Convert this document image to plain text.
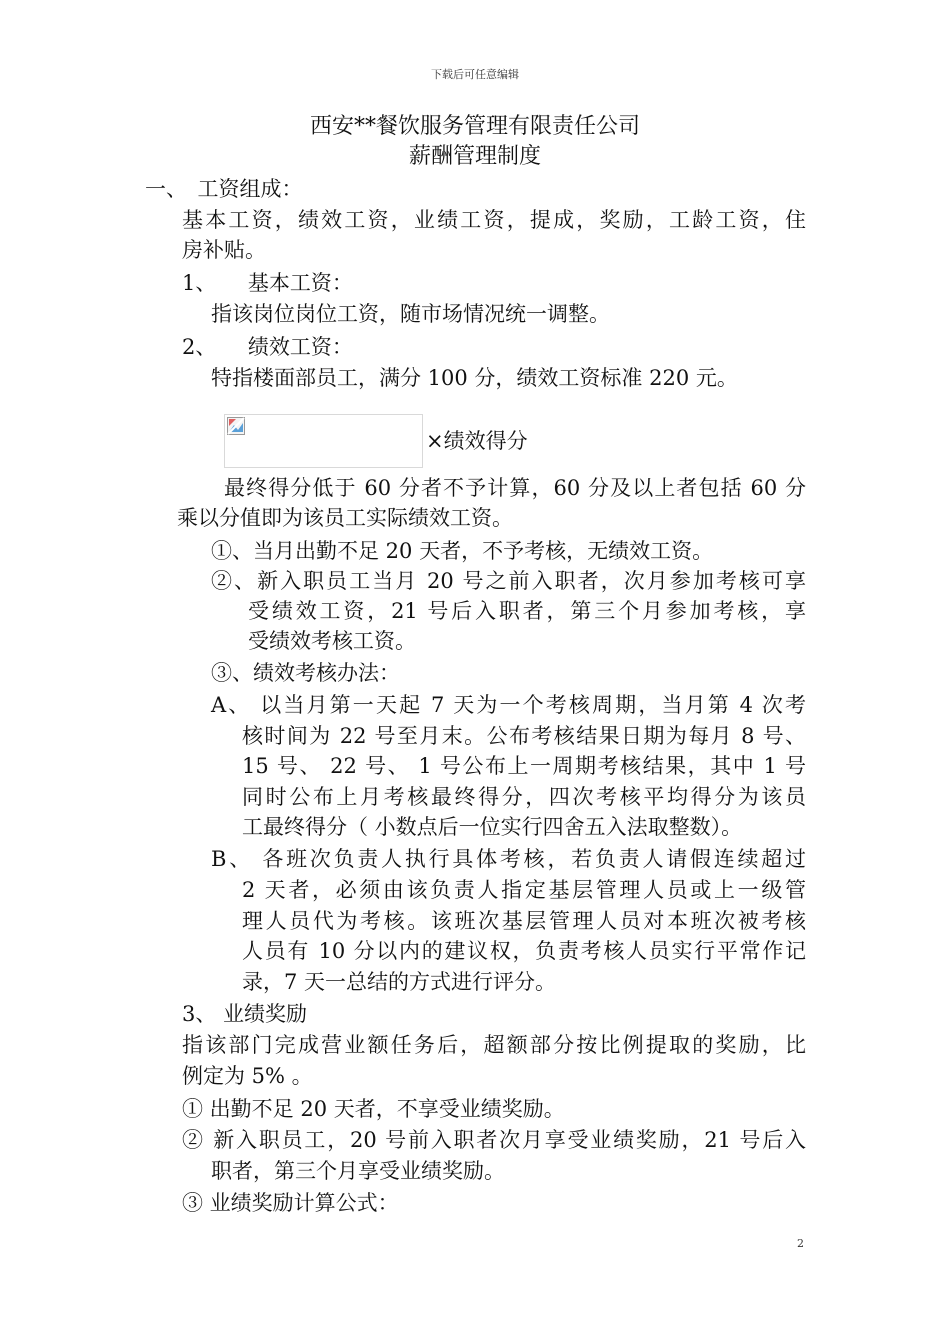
下载后可任意编辑
西安**餐饮服务管理有限责任公司
薪酬管理制度
一、　工资组成：
基本工资，绩效工资，业绩工资，提成，奖励，工龄工资，住
房补贴。
1、　　基本工资：
指该岗位岗位工资，随市场情况统一调整。
2、　　绩效工资：
特指楼面部员工，满分 100 分，绩效工资标准 220 元。
×绩效得分
最终得分低于 60 分者不予计算，60 分及以上者包括 60 分
乘以分值即为该员工实际绩效工资。
①、当月出勤不足 20 天者，不予考核，无绩效工资。
②、新入职员工当月 20 号之前入职者，次月参加考核可享
受绩效工资，21 号后入职者，第三个月参加考核，享
受绩效考核工资。
③、绩效考核办法：
A、 以当月第一天起 7 天为一个考核周期，当月第 4 次考
核时间为 22 号至月末。公布考核结果日期为每月 8 号、
15 号、 22 号、 1 号公布上一周期考核结果，其中 1 号
同时公布上月考核最终得分，四次考核平均得分为该员
工最终得分（ 小数点后一位实行四舍五入法取整数）。
B、 各班次负责人执行具体考核，若负责人请假连续超过
2 天者，必须由该负责人指定基层管理人员或上一级管
理人员代为考核。该班次基层管理人员对本班次被考核
人员有 10 分以内的建议权，负责考核人员实行平常作记
录，7 天一总结的方式进行评分。
3、 业绩奖励
指该部门完成营业额任务后，超额部分按比例提取的奖励，比
例定为 5% 。
① 出勤不足 20 天者，不享受业绩奖励。
② 新入职员工，20 号前入职者次月享受业绩奖励，21 号后入
职者，第三个月享受业绩奖励。
③ 业绩奖励计算公式：
2
